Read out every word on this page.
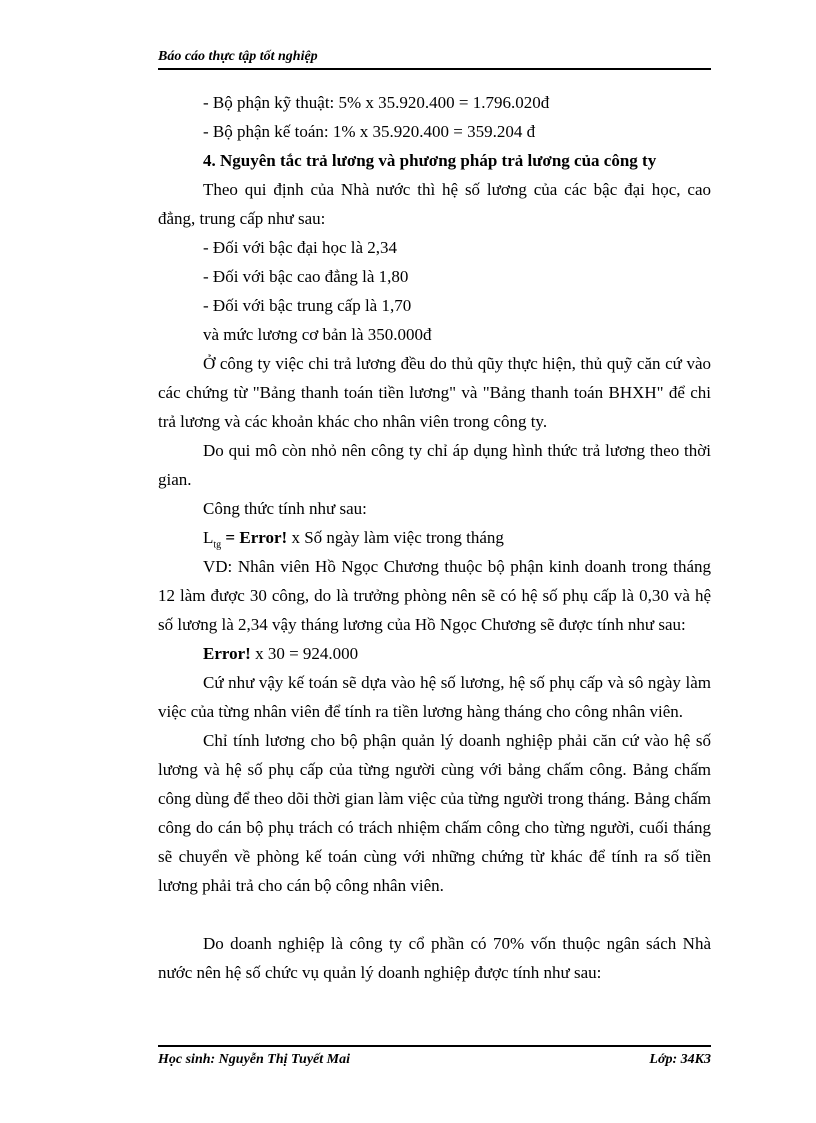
Báo cáo thực tập tốt nghiệp

- Bộ phận kỹ thuật: 5% x 35.920.400 = 1.796.020đ

- Bộ phận kế toán: 1% x 35.920.400 = 359.204 đ

4. Nguyên tắc trả lương và phương pháp trả lương của công ty

Theo qui định của Nhà nước thì hệ số lương của các bậc đại học, cao đẳng, trung cấp như sau:

- Đối với bậc đại học là 2,34

- Đối với bậc cao đẳng là 1,80

- Đối với bậc trung cấp là 1,70

và mức lương cơ bản là 350.000đ

Ở công ty việc chi trả lương đều do thủ qũy thực hiện, thủ quỹ căn cứ vào các chứng từ "Bảng thanh toán tiền lương" và "Bảng thanh toán BHXH" để chi trả lương và các khoản khác cho nhân viên trong công ty.

Do qui mô còn nhỏ nên công ty chỉ áp dụng hình thức trả lương theo thời gian.

Công thức tính như sau:

$L_{tg}$ = Error! x Số ngày làm việc trong tháng

VD: Nhân viên Hồ Ngọc Chương thuộc bộ phận kinh doanh trong tháng 12 làm được 30 công, do là trưởng phòng nên sẽ có hệ số phụ cấp là 0,30 và hệ số lương là 2,34 vậy tháng lương của Hồ Ngọc Chương sẽ được tính như sau:

Error! x 30 = 924.000

Cứ như vậy kế toán sẽ dựa vào hệ số lương, hệ số phụ cấp và sô ngày làm việc của từng nhân viên để tính ra tiền lương hàng tháng cho công nhân viên.

Chỉ tính lương cho bộ phận quản lý doanh nghiệp phải căn cứ vào hệ số lương và hệ số phụ cấp của từng người cùng với bảng chấm công. Bảng chấm công dùng để theo dõi thời gian làm việc của từng người trong tháng. Bảng chấm công do cán bộ phụ trách có trách nhiệm chấm công cho từng người, cuối tháng sẽ chuyển về phòng kế toán cùng với những chứng từ khác để tính ra số tiền lương phải trả cho cán bộ công nhân viên.

Do doanh nghiệp là công ty cổ phần có 70% vốn thuộc ngân sách Nhà nước nên hệ số chức vụ quản lý doanh nghiệp được tính như sau:

Học sinh: Nguyễn Thị Tuyết Mai	Lớp: 34K3
